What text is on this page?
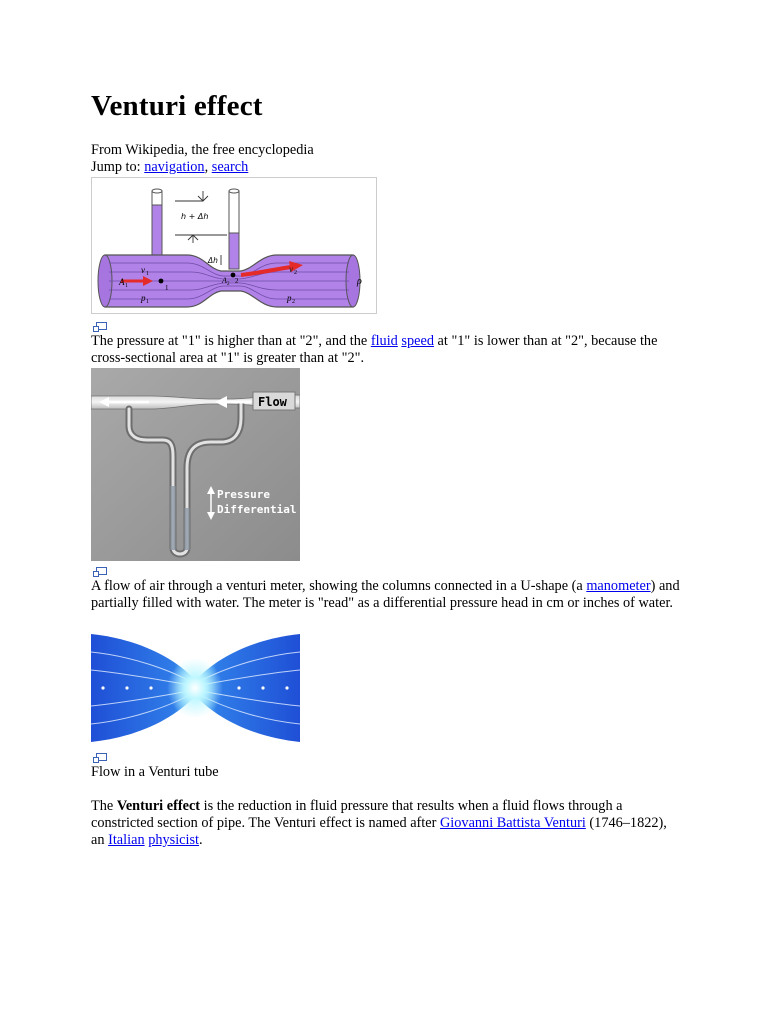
Venturi effect
From Wikipedia, the free encyclopedia
Jump to: navigation, search
h + Δh
Δh
A 1
v 1
p 1
1
A 2 2
v 2
p 2
ρ
The pressure at "1" is higher than at "2", and the fluid speed at "1" is lower than at "2", because the cross-sectional area at "1" is greater than at "2".
Flow
Pressure
Differential
A flow of air through a venturi meter, showing the columns connected in a U-shape (a manometer) and partially filled with water. The meter is "read" as a differential pressure head in cm or inches of water.
Flow in a Venturi tube
The Venturi effect is the reduction in fluid pressure that results when a fluid flows through a constricted section of pipe. The Venturi effect is named after Giovanni Battista Venturi (1746–1822), an Italian physicist.
